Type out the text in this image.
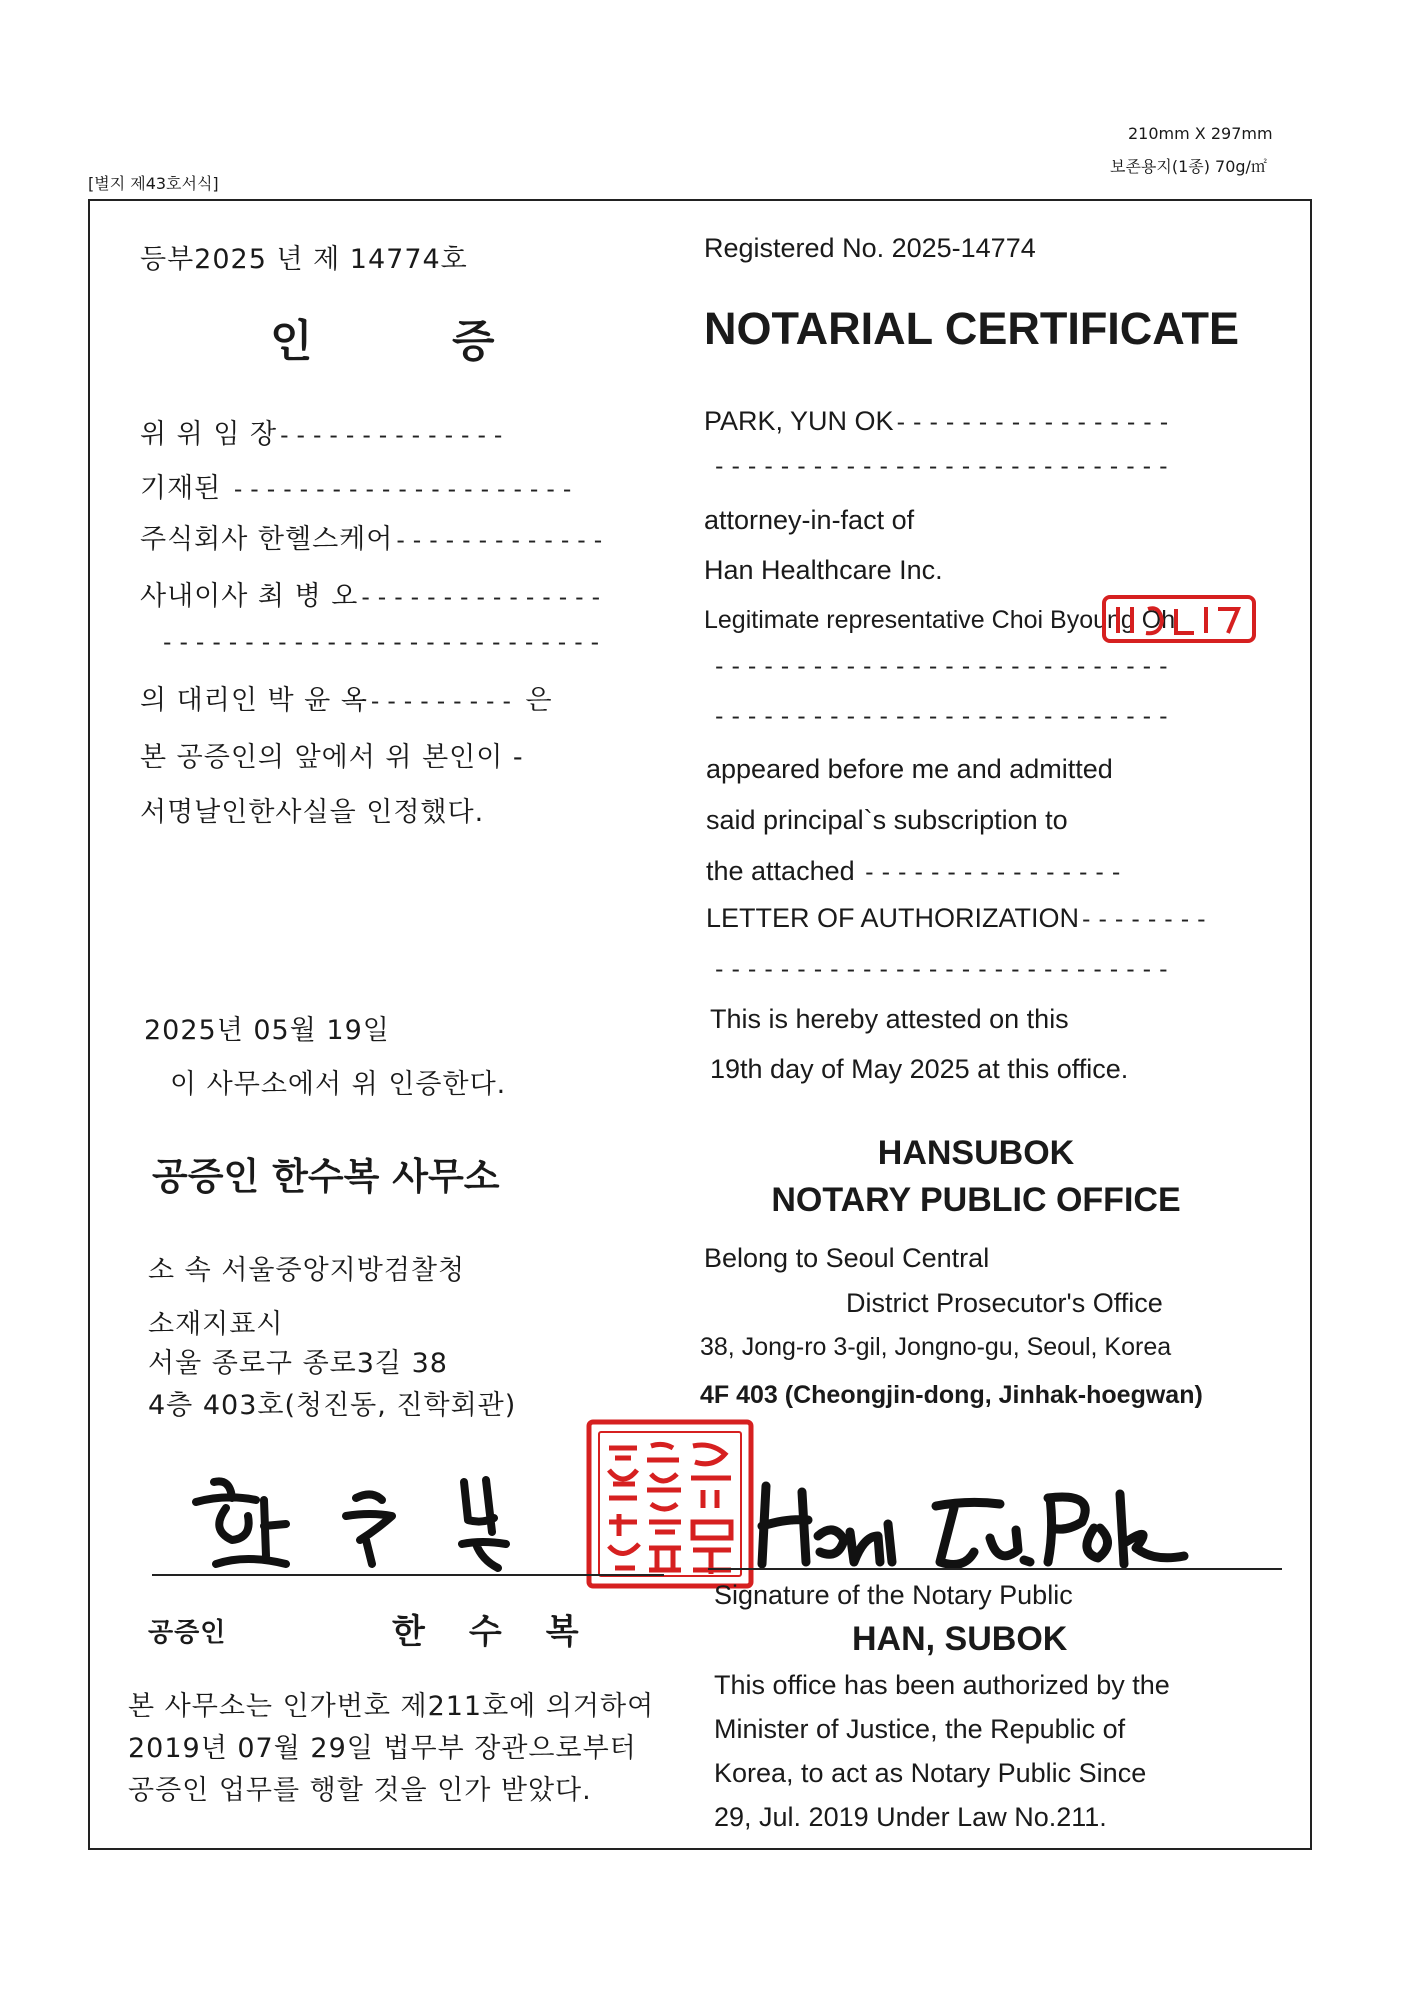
210mm X 297mm
보존용지(1종) 70g/㎡
[별지 제43호서식]
등부2025 년 제 14774호	Registered No. 2025-14774
인	증	NOTARIAL CERTIFICATE
위 위 임 장--------------
기재된 ---------------------
주식회사 한헬스케어-------------
사내이사 최 병 오---------------
---------------------------
의 대리인 박 윤 옥--------- 은
본 공증인의 앞에서 위 본인이 -
서명날인한사실을 인정했다.
PARK, YUN OK-----------------
----------------------------
attorney-in-fact of
Han Healthcare Inc.
Legitimate representative Choi Byoung Oh
----------------------------
----------------------------
appeared before me and admitted
said principal`s subscription to
the attached ----------------
LETTER OF AUTHORIZATION--------
----------------------------
2025년 05월 19일
이 사무소에서 위 인증한다.
This is hereby attested on this
19th day of May 2025 at this office.
공증인 한수복 사무소
HANSUBOK
NOTARY PUBLIC OFFICE
소 속 서울중앙지방검찰청
소재지표시
서울 종로구 종로3길 38
4층 403호(청진동, 진학회관)
Belong to Seoul Central
District Prosecutor's Office
38, Jong-ro 3-gil, Jongno-gu, Seoul, Korea
4F 403 (Cheongjin-dong, Jinhak-hoegwan)
공증인	한수복
Signature of the Notary Public
HAN, SUBOK
본 사무소는 인가번호 제211호에 의거하여
2019년 07월 29일 법무부 장관으로부터
공증인 업무를 행할 것을 인가 받았다.
This office has been authorized by the
Minister of Justice, the Republic of
Korea, to act as Notary Public Since
29, Jul. 2019 Under Law No.211.
